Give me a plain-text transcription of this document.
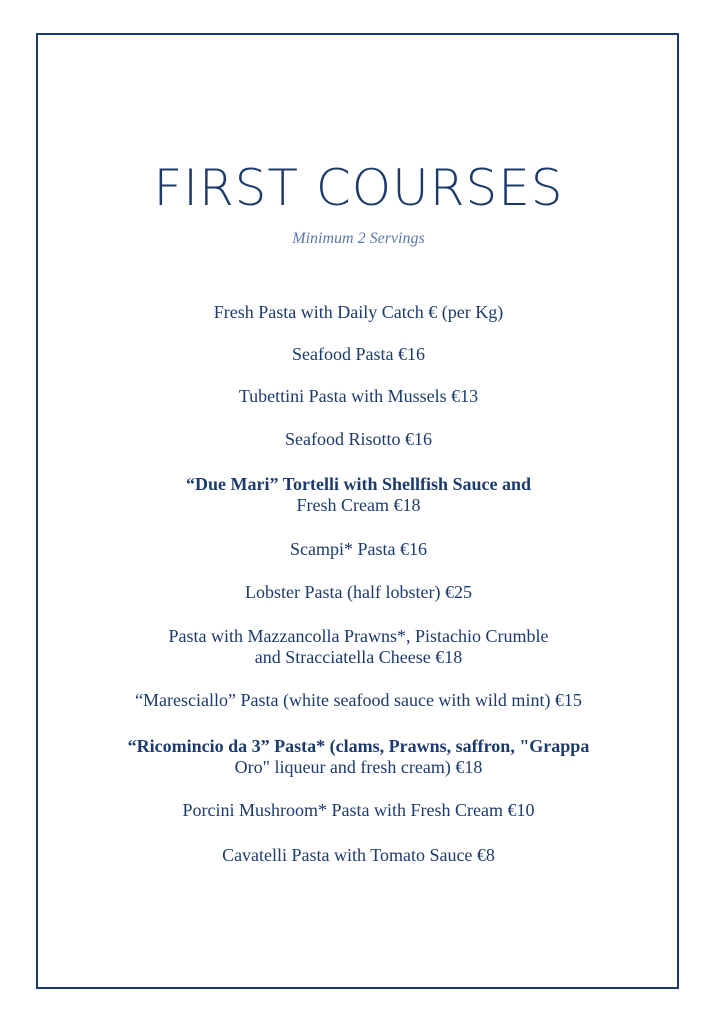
FIRST COURSES
Minimum 2 Servings
Fresh Pasta with Daily Catch € (per Kg)
Seafood Pasta €16
Tubettini Pasta with Mussels €13
Seafood Risotto €16
“Due Mari” Tortelli with Shellfish Sauce and
Fresh Cream €18
Scampi* Pasta €16
Lobster Pasta (half lobster) €25
Pasta with Mazzancolla Prawns*, Pistachio Crumble
and Stracciatella Cheese €18
“Maresciallo” Pasta (white seafood sauce with wild mint) €15
“Ricomincio da 3” Pasta* (clams, Prawns, saffron, "Grappa
Oro" liqueur and fresh cream) €18
Porcini Mushroom* Pasta with Fresh Cream €10
Cavatelli Pasta with Tomato Sauce €8
